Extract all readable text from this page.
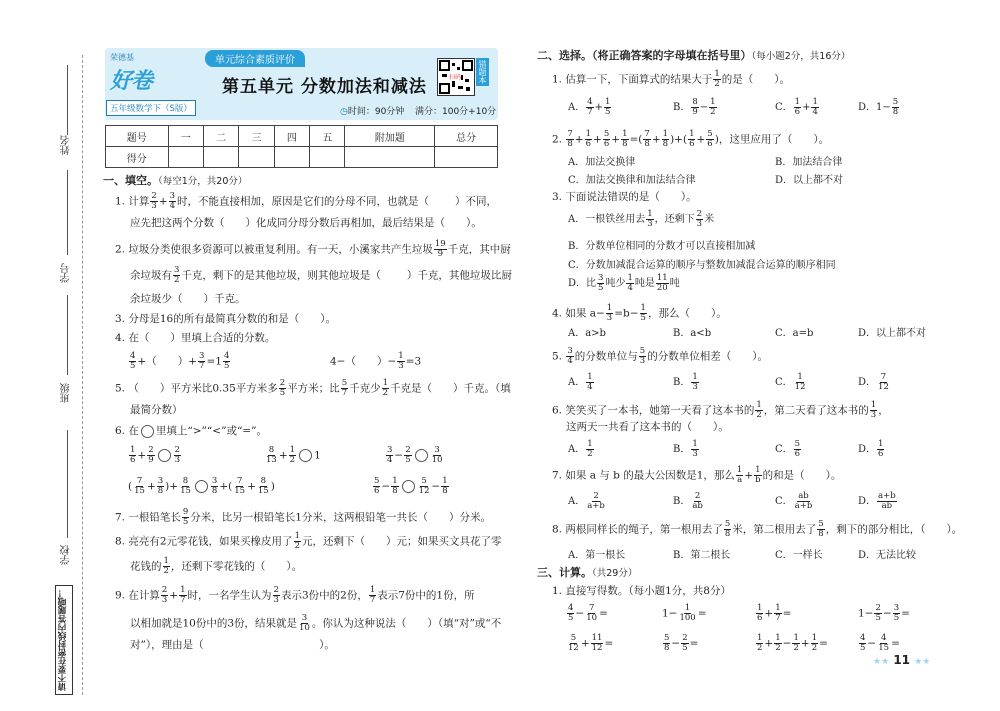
姓名
学号
班级
学校
请不要在密封线内答题哦！
荣德基
好卷
五年级数学下（S版）
单元综合素质评价
第五单元 分数加法和减法
◷时间：90分钟 满分：100分+10分
扫码 错题本
题号	一	二	三	四	五	附加题	总分
得分							
一、填空。（每空1分，共20分）
1. 计算 $\frac{2}{3} + \frac{3}{4}$ 时，不能直接相加，原因是它们的分母不同，也就是（ ）不同，
应先把这两个分数（　　）化成同分母分数后再相加，最后结果是（　　）。
2. 垃圾分类使很多资源可以被重复利用。有一天，小溪家共产生垃圾 $\frac{19}{9}$ 千克，其中厨
余垃圾有 $\frac{3}{2}$ 千克，剩下的是其他垃圾，则其他垃圾是（ ）千克，其他垃圾比厨
余垃圾少（　　）千克。
3. 分母是16的所有最简真分数的和是（　　）。
4. 在（　　）里填上合适的分数。
$\frac{4}{5}$ +（　　）+ $\frac{3}{7} =1 \frac{4}{5}$	4−（　　）− $\frac{1}{3} =3$
5. （　　）平方米比0.35平方米多 $\frac{2}{5}$ 平方米；比 $\frac{5}{7}$ 千克少 $\frac{1}{2}$ 千克是（　　）千克。（填
最简分数）
6. 在 里填上“>”“<”或“=”。
$\frac{1}{6} + \frac{2}{9} \frac{2}{3}$	$\frac{8}{13} + \frac{1}{2} 1$	$\frac{3}{4} - \frac{2}{5} \frac{3}{10}$
( $\frac{7}{15} + \frac{3}{8}$ )+ $\frac{8}{15} \frac{3}{8}$ +( $\frac{7}{15} + \frac{8}{15}$ )	$\frac{5}{6} - \frac{1}{8} \frac{5}{12} - \frac{1}{8}$
7. 一根铅笔长 $\frac{9}{5}$ 分米，比另一根铅笔长1分米，这两根铅笔一共长（　　）分米。
8. 亮亮有2元零花钱，如果买橡皮用了 $\frac{1}{2}$ 元，还剩下（　　）元；如果买文具花了零
花钱的 $\frac{1}{2}$ ，还剩下零花钱的（　　）。
9. 在计算 $\frac{2}{3} + \frac{1}{7}$ 时，一名学生认为 $\frac{2}{3}$ 表示3份中的2份， $\frac{1}{7}$ 表示7份中的1份，所
以相加就是10份中的3份，结果就是 $\frac{3}{10}$ 。你认为这种说法（　　）（填“对”或“不
对”），理由是（　　　　　　　　　　　）。
二、选择。（将正确答案的字母填在括号里）（每小题2分，共16分）
1. 估算一下，下面算式的结果大于 $\frac{1}{2}$ 的是（　　）。
A． $\frac{4}{7} + \frac{1}{5}$	B． $\frac{8}{9} - \frac{1}{2}$	C． $\frac{1}{6} + \frac{1}{4}$	D．$1- \frac{5}{8}$
2. $\frac{7}{8} + \frac{1}{6} + \frac{5}{6} + \frac{1}{8}$ =( $\frac{7}{8} + \frac{1}{8}$ )+( $\frac{1}{6} + \frac{5}{6}$ )，这里应用了（　　）。
A．加法交换律	B．加法结合律
C．加法交换律和加法结合律	D．以上都不对
3. 下面说法错误的是（　　）。
A．一根铁丝用去 $\frac{1}{3}$ ，还剩下 $\frac{2}{3}$ 米
B．分数单位相同的分数才可以直接相加减
C．分数加减混合运算的顺序与整数加减混合运算的顺序相同
D．比 $\frac{3}{5}$ 吨少 $\frac{1}{4}$ 吨是 $\frac{11}{20}$ 吨
4. 如果 $a- \frac{1}{3} =b- \frac{1}{5}$ ，那么（　　）。
A．a>b	B．a<b	C．a=b	D．以上都不对
5. $\frac{3}{4}$ 的分数单位与 $\frac{5}{3}$ 的分数单位相差（　　）。
A． $\frac{1}{4}$	B． $\frac{1}{3}$	C． $\frac{1}{12}$	D． $\frac{7}{12}$
6. 笑笑买了一本书，她第一天看了这本书的 $\frac{1}{2}$ ，第二天看了这本书的 $\frac{1}{3}$ ，
这两天一共看了这本书的（　　）。
A． $\frac{1}{2}$	B． $\frac{1}{3}$	C． $\frac{5}{6}$	D． $\frac{1}{6}$
7. 如果 a 与 b 的最大公因数是1，那么 $\frac{1}{a} + \frac{1}{b}$ 的和是（　　）。
A． $\frac{2}{a+b}$	B． $\frac{2}{ab}$	C． $\frac{ab}{a+b}$	D． $\frac{a+b}{ab}$
8. 两根同样长的绳子，第一根用去了 $\frac{5}{8}$ 米，第二根用去了 $\frac{5}{8}$ ，剩下的部分相比，（　　）。
A．第一根长	B．第二根长	C．一样长	D．无法比较
三、计算。（共29分）
1. 直接写得数。（每小题1分，共8分）
$\frac{4}{5} - \frac{7}{10}$ =	$1- \frac{1}{100}$ =	$\frac{1}{6} + \frac{1}{7}$ =	$1- \frac{2}{5} - \frac{3}{5}$ =
$\frac{5}{12} + \frac{11}{12}$ =	$\frac{5}{8} - \frac{2}{5}$ =	$\frac{1}{2} + \frac{1}{2} - \frac{1}{2} + \frac{1}{2}$ =	$\frac{4}{5} - \frac{4}{15}$ =
★★ 11 ★★
